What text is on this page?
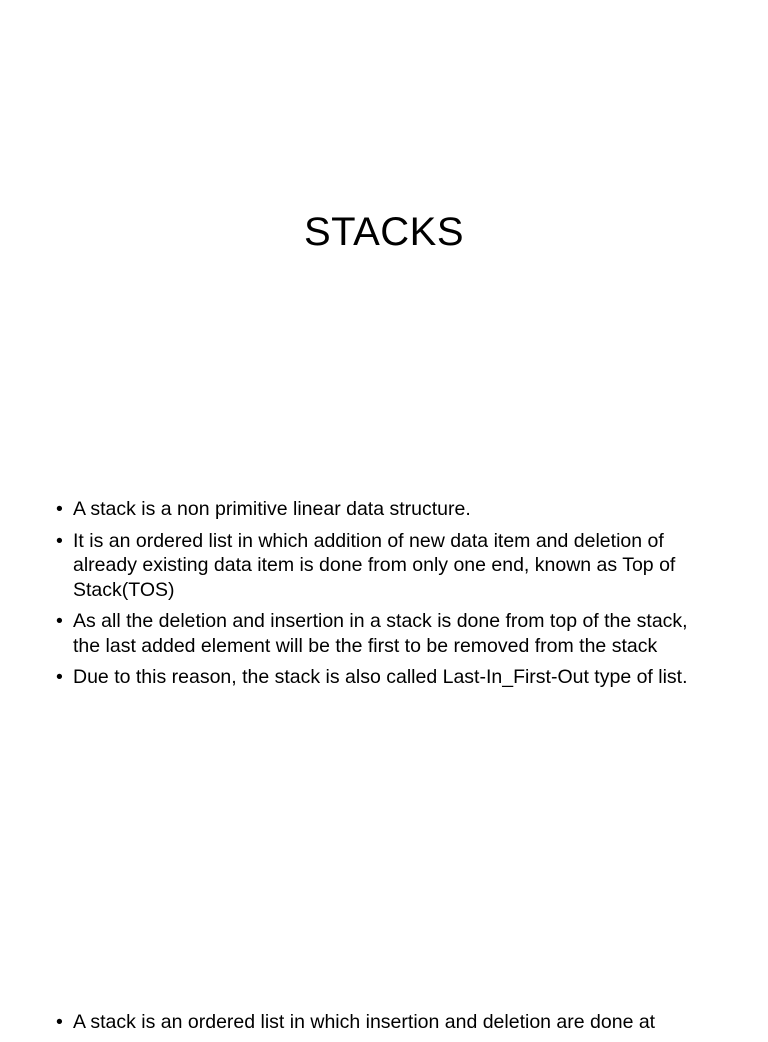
STACKS
• A stack is a non primitive linear data structure.
• It is an ordered list in which addition of new data item and deletion of already existing data item is done from only one end, known as Top of Stack(TOS)
• As all the deletion and insertion in a stack is done from top of the stack, the last added element will be the first to be removed from the stack
• Due to this reason, the stack is also called Last-In_First-Out type of list.
• A stack is an ordered list in which insertion and deletion are done at
